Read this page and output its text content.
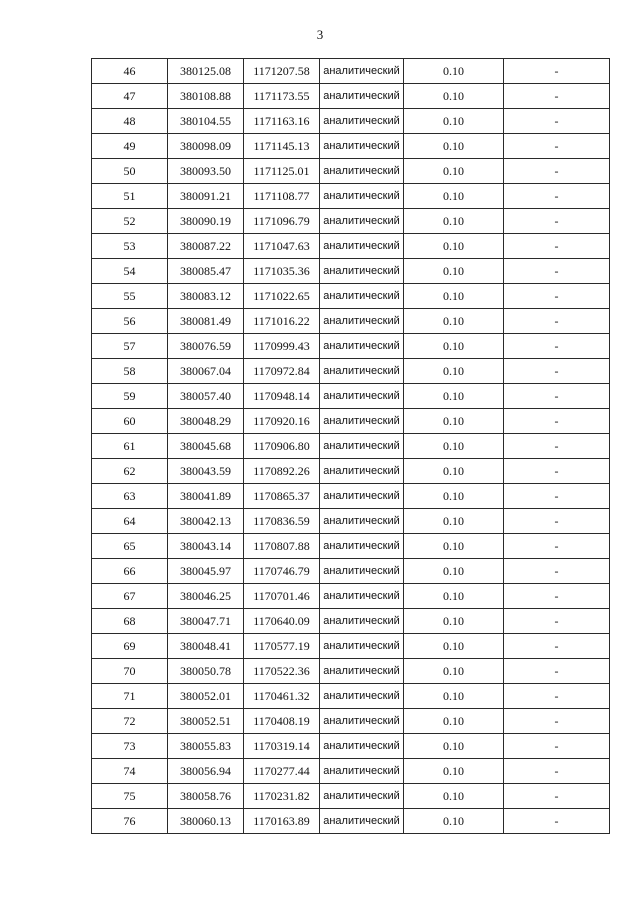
3
46	380125.08	1171207.58	аналитический	0.10	-
47	380108.88	1171173.55	аналитический	0.10	-
48	380104.55	1171163.16	аналитический	0.10	-
49	380098.09	1171145.13	аналитический	0.10	-
50	380093.50	1171125.01	аналитический	0.10	-
51	380091.21	1171108.77	аналитический	0.10	-
52	380090.19	1171096.79	аналитический	0.10	-
53	380087.22	1171047.63	аналитический	0.10	-
54	380085.47	1171035.36	аналитический	0.10	-
55	380083.12	1171022.65	аналитический	0.10	-
56	380081.49	1171016.22	аналитический	0.10	-
57	380076.59	1170999.43	аналитический	0.10	-
58	380067.04	1170972.84	аналитический	0.10	-
59	380057.40	1170948.14	аналитический	0.10	-
60	380048.29	1170920.16	аналитический	0.10	-
61	380045.68	1170906.80	аналитический	0.10	-
62	380043.59	1170892.26	аналитический	0.10	-
63	380041.89	1170865.37	аналитический	0.10	-
64	380042.13	1170836.59	аналитический	0.10	-
65	380043.14	1170807.88	аналитический	0.10	-
66	380045.97	1170746.79	аналитический	0.10	-
67	380046.25	1170701.46	аналитический	0.10	-
68	380047.71	1170640.09	аналитический	0.10	-
69	380048.41	1170577.19	аналитический	0.10	-
70	380050.78	1170522.36	аналитический	0.10	-
71	380052.01	1170461.32	аналитический	0.10	-
72	380052.51	1170408.19	аналитический	0.10	-
73	380055.83	1170319.14	аналитический	0.10	-
74	380056.94	1170277.44	аналитический	0.10	-
75	380058.76	1170231.82	аналитический	0.10	-
76	380060.13	1170163.89	аналитический	0.10	-
